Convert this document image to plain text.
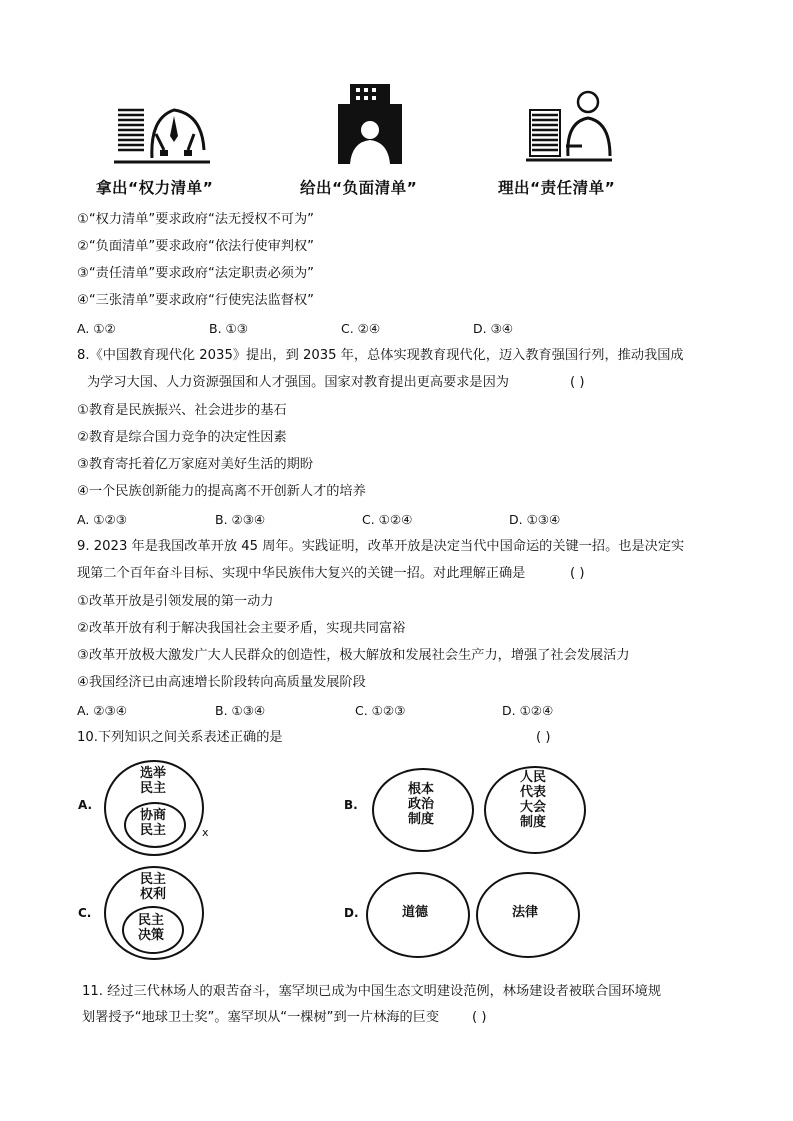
拿出“权力清单”	给出“负面清单”	理出“责任清单”
①“权力清单”要求政府“法无授权不可为”
②“负面清单”要求政府“依法行使审判权”
③“责任清单”要求政府“法定职责必须为”
④“三张清单”要求政府“行使宪法监督权”
A. ①②	B. ①③	C. ②④	D. ③④
8.《中国教育现代化 2035》提出，到 2035 年，总体实现教育现代化，迈入教育强国行列，推动我国成
为学习大国、人力资源强国和人才强国。国家对教育提出更高要求是因为	( )
①教育是民族振兴、社会进步的基石
②教育是综合国力竞争的决定性因素
③教育寄托着亿万家庭对美好生活的期盼
④一个民族创新能力的提高离不开创新人才的培养
A. ①②③	B. ②③④	C. ①②④	D. ①③④
9. 2023 年是我国改革开放 45 周年。实践证明，改革开放是决定当代中国命运的关键一招。也是决定实
现第二个百年奋斗目标、实现中华民族伟大复兴的关键一招。对此理解正确是	( )
①改革开放是引领发展的第一动力
②改革开放有利于解决我国社会主要矛盾，实现共同富裕
③改革开放极大激发广大人民群众的创造性，极大解放和发展社会生产力，增强了社会发展活力
④我国经济已由高速增长阶段转向高质量发展阶段
A. ②③④	B. ①③④	C. ①②③	D. ①②④
10.下列知识之间关系表述正确的是	( )
A.
选举
民主
协商
民主	x
B.
根本
政治
制度
人民
代表
大会
制度
C.
民主
权利
民主
决策
D.	道德	法律
11. 经过三代林场人的艰苦奋斗，塞罕坝已成为中国生态文明建设范例，林场建设者被联合国环境规
划署授予“地球卫士奖”。塞罕坝从“一棵树”到一片林海的巨变 ( )
